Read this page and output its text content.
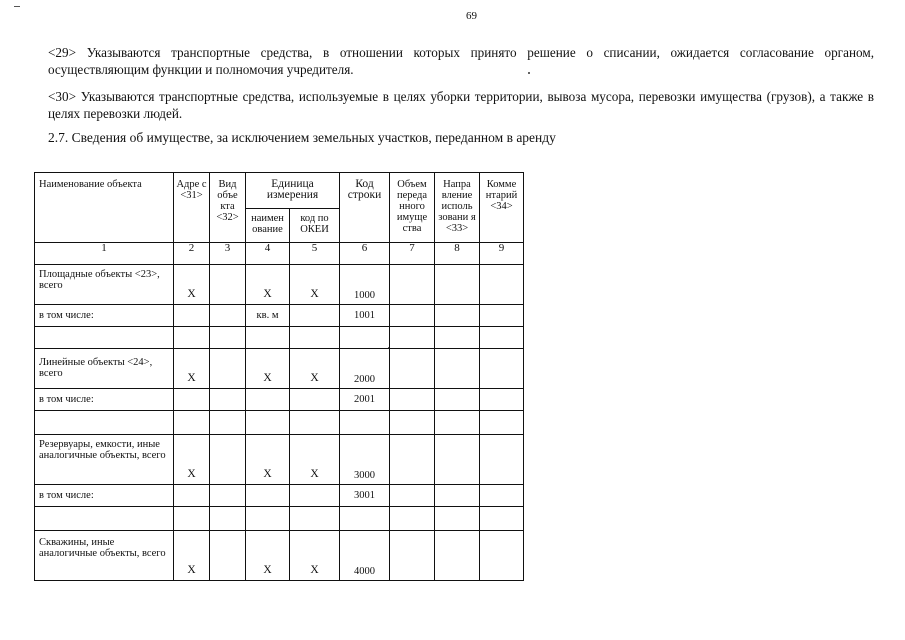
69
<29> Указываются транспортные средства, в отношении которых принято решение о списании, ожидается согласование органом, осуществляющим функции и полномочия учредителя.
<30> Указываются транспортные средства, используемые в целях уборки территории, вывоза мусора, перевозки имущества (грузов), а также в целях перевозки людей.
2.7. Сведения об имуществе, за исключением земельных участков, переданном в аренду
Наименование объекта	Адре с <31>	Вид объе кта <32>	Единица измерения		Код строки	Объем переда нного имуще ства	Напра вление исполь зовани я <33>	Комме нтарий <34>
			наимен ование	код по ОКЕИ				
1	2	3	4	5	6	7	8	9
Площадные объекты <23>, всего	X		X	X	1000			
в том числе:			кв. м		1001			

Линейные объекты <24>, всего	X		X	X	2000			
в том числе:					2001			

Резервуары, емкости, иные аналогичные объекты, всего	X		X	X	3000			
в том числе:					3001			

Скважины, иные аналогичные объекты, всего	X		X	X	4000			
